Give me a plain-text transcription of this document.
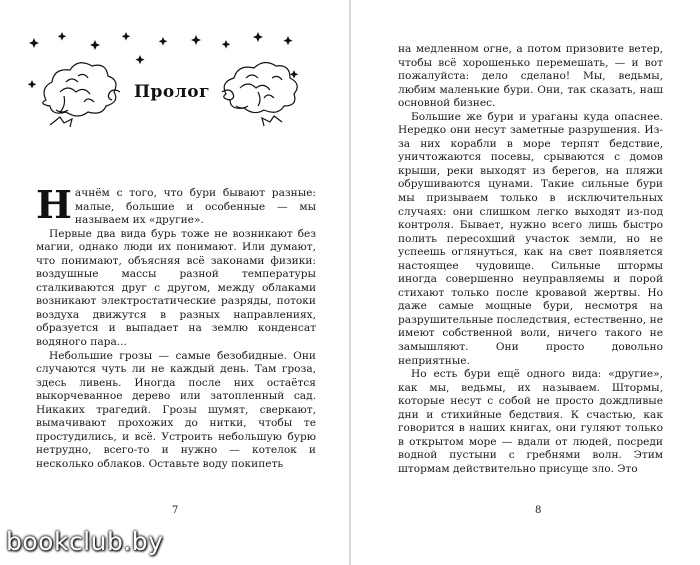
Пролог

Начнём с того, что бури бывают разные: малые, большие и особенные — мы называем их «другие».

Первые два вида бурь тоже не возникают без магии, однако люди их понимают. Или думают, что понимают, объясняя всё законами физики: воздушные массы разной температуры сталкиваются друг с другом, между облаками возникают электростатические разряды, потоки воздуха движутся в разных направлениях, образуется и выпадает на землю конденсат водяного пара...

Небольшие грозы — самые безобидные. Они случаются чуть ли не каждый день. Там гроза, здесь ливень. Иногда после них остаётся выкорчеванное дерево или затопленный сад. Никаких трагедий. Грозы шумят, сверкают, вымачивают прохожих до нитки, чтобы те простудились, и всё. Устроить небольшую бурю нетрудно, всего-то и нужно — котелок и несколько облаков. Оставьте воду покипеть

7

на медленном огне, а потом призовите ветер, чтобы всё хорошенько перемешать, — и вот пожалуйста: дело сделано! Мы, ведьмы, любим маленькие бури. Они, так сказать, наш основной бизнес.

Большие же бури и ураганы куда опаснее. Нередко они несут заметные разрушения. Из-за них корабли в море терпят бедствие, уничтожаются посевы, срываются с домов крыши, реки выходят из берегов, на пляжи обрушиваются цунами. Такие сильные бури мы призываем только в исключительных случаях: они слишком легко выходят из-под контроля. Бывает, нужно всего лишь быстро полить пересохший участок земли, но не успеешь оглянуться, как на свет появляется настоящее чудовище. Сильные штормы иногда совершенно неуправляемы и порой стихают только после кровавой жертвы. Но даже самые мощные бури, несмотря на разрушительные последствия, естественно, не имеют собственной воли, ничего такого не замышляют. Они просто довольно неприятные.

Но есть бури ещё одного вида: «другие», как мы, ведьмы, их называем. Штормы, которые несут с собой не просто дождливые дни и стихийные бедствия. К счастью, как говорится в наших книгах, они гуляют только в открытом море — вдали от людей, посреди водной пустыни с гребнями волн. Этим штормам действительно присуще зло. Это

8
bookclub.by
